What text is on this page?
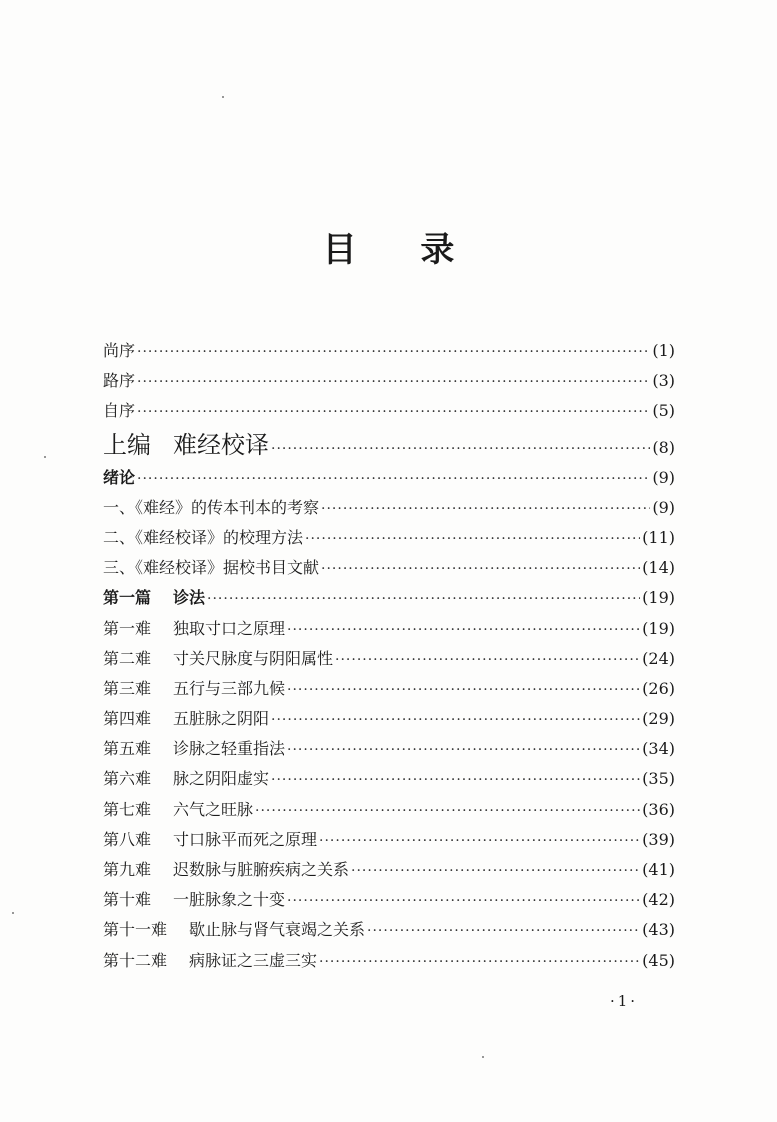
目 录
尚序 ·····	(1)
路序 ·····	(3)
自序 ·····	(5)
上编 难经校译 ·····	(8)
绪论 ·····	(9)
一、《难经》的传本刊本的考察 ·····	(9)
二、《难经校译》的校理方法 ·····	(11)
三、《难经校译》据校书目文献 ·····	(14)
第一篇 诊法 ·····	(19)
第一难 独取寸口之原理 ·····	(19)
第二难 寸关尺脉度与阴阳属性 ·····	(24)
第三难 五行与三部九候 ·····	(26)
第四难 五脏脉之阴阳 ·····	(29)
第五难 诊脉之轻重指法 ·····	(34)
第六难 脉之阴阳虚实 ·····	(35)
第七难 六气之旺脉 ·····	(36)
第八难 寸口脉平而死之原理 ·····	(39)
第九难 迟数脉与脏腑疾病之关系 ·····	(41)
第十难 一脏脉象之十变 ·····	(42)
第十一难 歇止脉与肾气衰竭之关系 ·····	(43)
第十二难 病脉证之三虚三实 ·····	(45)
·1·
